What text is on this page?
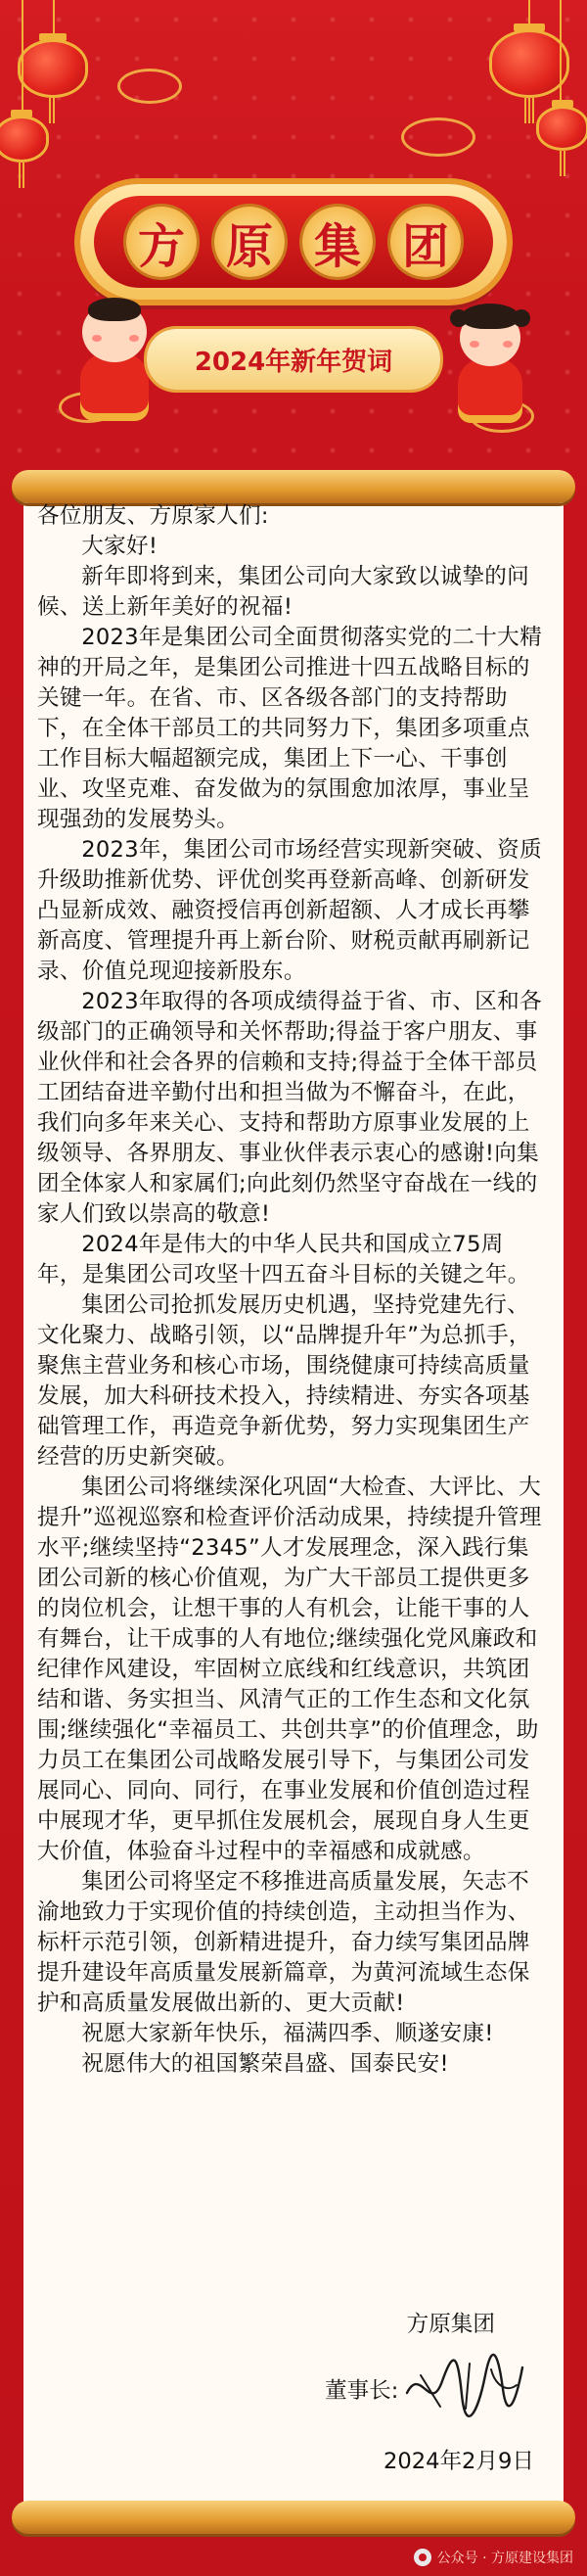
方 原 集 团
2024年新年贺词

各位朋友、方原家人们:

大家好!

新年即将到来，集团公司向大家致以诚挚的问候、送上新年美好的祝福!

2023年是集团公司全面贯彻落实党的二十大精神的开局之年，是集团公司推进十四五战略目标的关键一年。在省、市、区各级各部门的支持帮助下，在全体干部员工的共同努力下，集团多项重点工作目标大幅超额完成，集团上下一心、干事创业、攻坚克难、奋发做为的氛围愈加浓厚，事业呈现强劲的发展势头。

2023年，集团公司市场经营实现新突破、资质升级助推新优势、评优创奖再登新高峰、创新研发凸显新成效、融资授信再创新超额、人才成长再攀新高度、管理提升再上新台阶、财税贡献再刷新记录、价值兑现迎接新股东。

2023年取得的各项成绩得益于省、市、区和各级部门的正确领导和关怀帮助;得益于客户朋友、事业伙伴和社会各界的信赖和支持;得益于全体干部员工团结奋进辛勤付出和担当做为不懈奋斗，在此，我们向多年来关心、支持和帮助方原事业发展的上级领导、各界朋友、事业伙伴表示衷心的感谢!向集团全体家人和家属们;向此刻仍然坚守奋战在一线的家人们致以崇高的敬意!

2024年是伟大的中华人民共和国成立75周年，是集团公司攻坚十四五奋斗目标的关键之年。

集团公司抢抓发展历史机遇，坚持党建先行、文化聚力、战略引领，以“品牌提升年”为总抓手，聚焦主营业务和核心市场，围绕健康可持续高质量发展，加大科研技术投入，持续精进、夯实各项基础管理工作，再造竞争新优势，努力实现集团生产经营的历史新突破。

集团公司将继续深化巩固“大检查、大评比、大提升”巡视巡察和检查评价活动成果，持续提升管理水平;继续坚持“2345”人才发展理念，深入践行集团公司新的核心价值观，为广大干部员工提供更多的岗位机会，让想干事的人有机会，让能干事的人有舞台，让干成事的人有地位;继续强化党风廉政和纪律作风建设，牢固树立底线和红线意识，共筑团结和谐、务实担当、风清气正的工作生态和文化氛围;继续强化“幸福员工、共创共享”的价值理念，助力员工在集团公司战略发展引导下，与集团公司发展同心、同向、同行，在事业发展和价值创造过程中展现才华，更早抓住发展机会，展现自身人生更大价值，体验奋斗过程中的幸福感和成就感。

集团公司将坚定不移推进高质量发展，矢志不渝地致力于实现价值的持续创造，主动担当作为、标杆示范引领，创新精进提升，奋力续写集团品牌提升建设年高质量发展新篇章，为黄河流域生态保护和高质量发展做出新的、更大贡献!

祝愿大家新年快乐，福满四季、顺遂安康!

祝愿伟大的祖国繁荣昌盛、国泰民安!

方原集团
董事长:
2024年2月9日
公众号 · 方原建设集团
